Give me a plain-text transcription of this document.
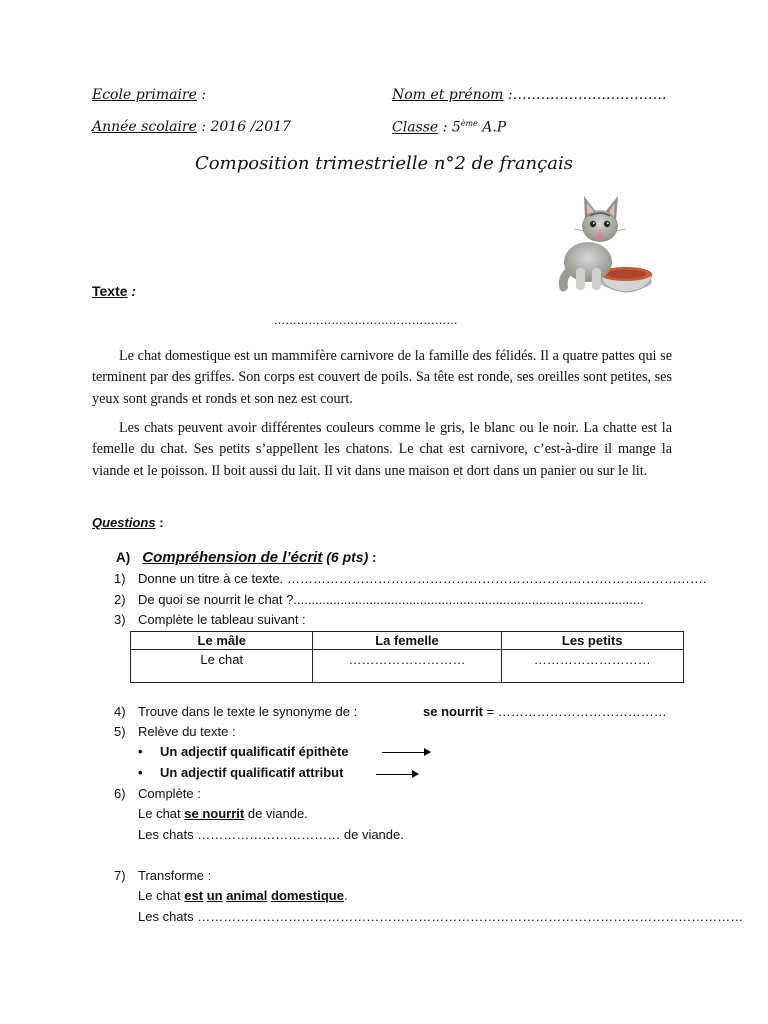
Ecole primaire :	Nom et prénom :……………………………
Année scolaire : 2016 /2017	Classe : 5ème A.P
Composition trimestrielle n°2 de français
Texte :
…………………………………………
Le chat domestique est un mammifère carnivore de la famille des félidés. Il a quatre pattes qui se terminent par des griffes. Son corps est couvert de poils. Sa tête est ronde, ses oreilles sont petites, ses yeux sont grands et ronds et son nez est court.
Les chats peuvent avoir différentes couleurs comme le gris, le blanc ou le noir. La chatte est la femelle du chat. Ses petits s’appellent les chatons. Le chat est carnivore, c’est-à-dire il mange la viande et le poisson. Il boit aussi du lait. Il vit dans une maison et dort dans un panier ou sur le lit.
Questions :
A) Compréhension de l’écrit (6 pts) :
1) Donne un titre à ce texte. …………………………………………………………………………………….
2) De quoi se nourrit le chat ?.................................................................................................
3) Complète le tableau suivant :
Le mâle	La femelle	Les petits
Le chat	………………………	………………………
4) Trouve dans le texte le synonyme de :	se nourrit = …………………………………
5) Relève du texte :
• Un adjectif qualificatif épithète
• Un adjectif qualificatif attribut
6) Complète :
Le chat se nourrit de viande.
Les chats …………………………… de viande.
7) Transforme :
Le chat est un animal domestique.
Les chats ………………………………………………………………………………………………………………
